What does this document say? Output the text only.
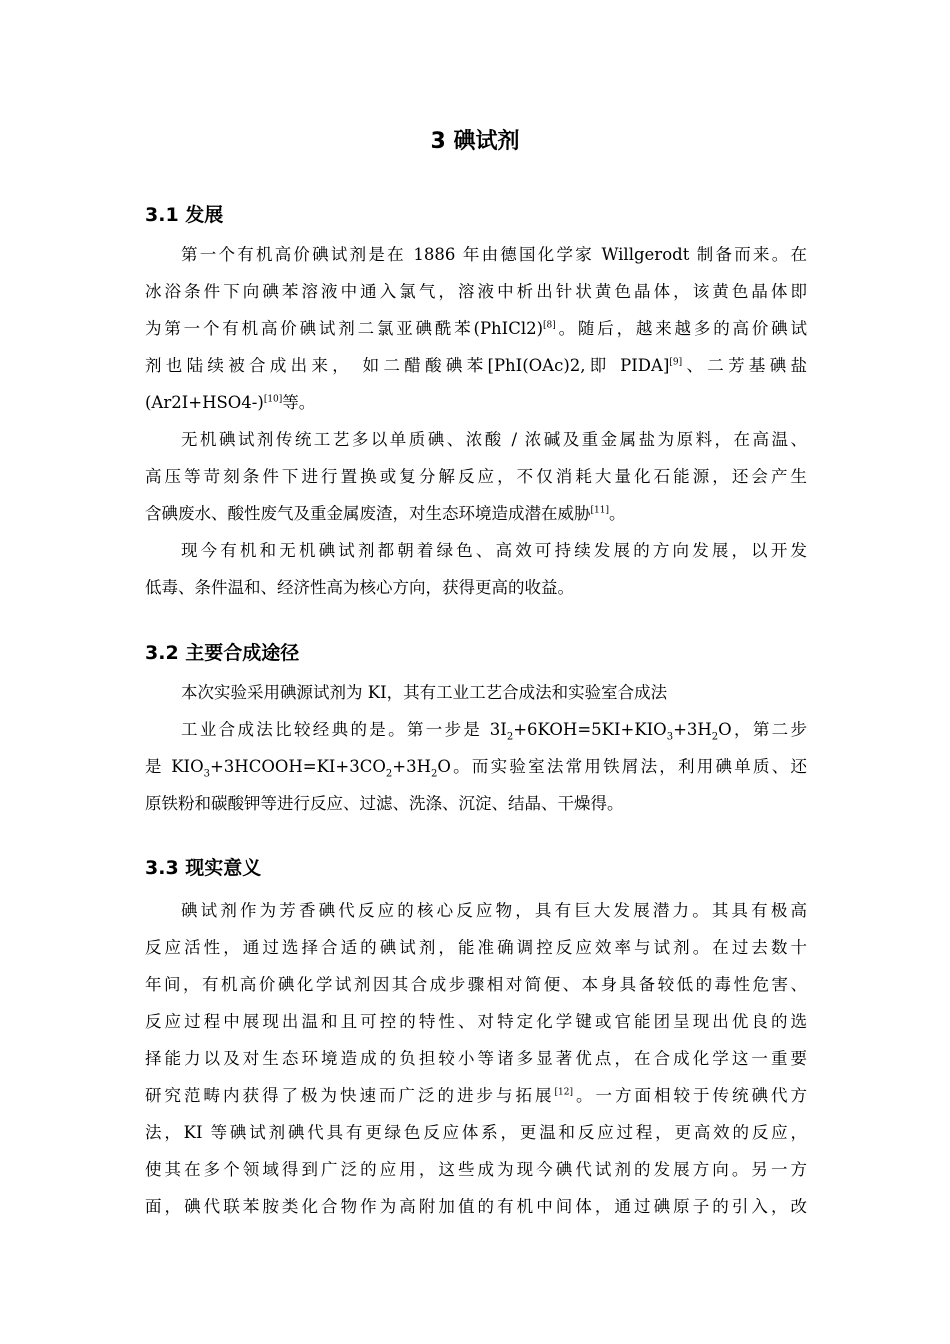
3 碘试剂
3.1 发展
第一个有机高价碘试剂是在 1886 年由德国化学家 Willgerodt 制备而来。在
冰浴条件下向碘苯溶液中通入氯气，溶液中析出针状黄色晶体，该黄色晶体即
为第一个有机高价碘试剂二氯亚碘酰苯(PhICl2)[8]。随后，越来越多的高价碘试
剂也陆续被合成出来， 如二醋酸碘苯[PhI(OAc)2,即 PIDA][9]、二芳基碘盐
(Ar2I+HSO4-)[10]等。
无机碘试剂传统工艺多以单质碘、浓酸 / 浓碱及重金属盐为原料，在高温、
高压等苛刻条件下进行置换或复分解反应，不仅消耗大量化石能源，还会产生
含碘废水、酸性废气及重金属废渣，对生态环境造成潜在威胁[11]。
现今有机和无机碘试剂都朝着绿色、高效可持续发展的方向发展，以开发
低毒、条件温和、经济性高为核心方向，获得更高的收益。
3.2 主要合成途径
本次实验采用碘源试剂为 KI，其有工业工艺合成法和实验室合成法
工业合成法比较经典的是。第一步是 $3I_2+6KOH=5KI+KIO_3+3H_2O$，第二步
是 $KIO_3+3HCOOH=KI+3CO_2+3H_2O$。而实验室法常用铁屑法，利用碘单质、还
原铁粉和碳酸钾等进行反应、过滤、洗涤、沉淀、结晶、干燥得。
3.3 现实意义
碘试剂作为芳香碘代反应的核心反应物，具有巨大发展潜力。其具有极高
反应活性，通过选择合适的碘试剂，能准确调控反应效率与试剂。在过去数十
年间，有机高价碘化学试剂因其合成步骤相对简便、本身具备较低的毒性危害、
反应过程中展现出温和且可控的特性、对特定化学键或官能团呈现出优良的选
择能力以及对生态环境造成的负担较小等诸多显著优点，在合成化学这一重要
研究范畴内获得了极为快速而广泛的进步与拓展[12]。一方面相较于传统碘代方
法，KI 等碘试剂碘代具有更绿色反应体系，更温和反应过程，更高效的反应，
使其在多个领域得到广泛的应用，这些成为现今碘代试剂的发展方向。另一方
面，碘代联苯胺类化合物作为高附加值的有机中间体，通过碘原子的引入，改
